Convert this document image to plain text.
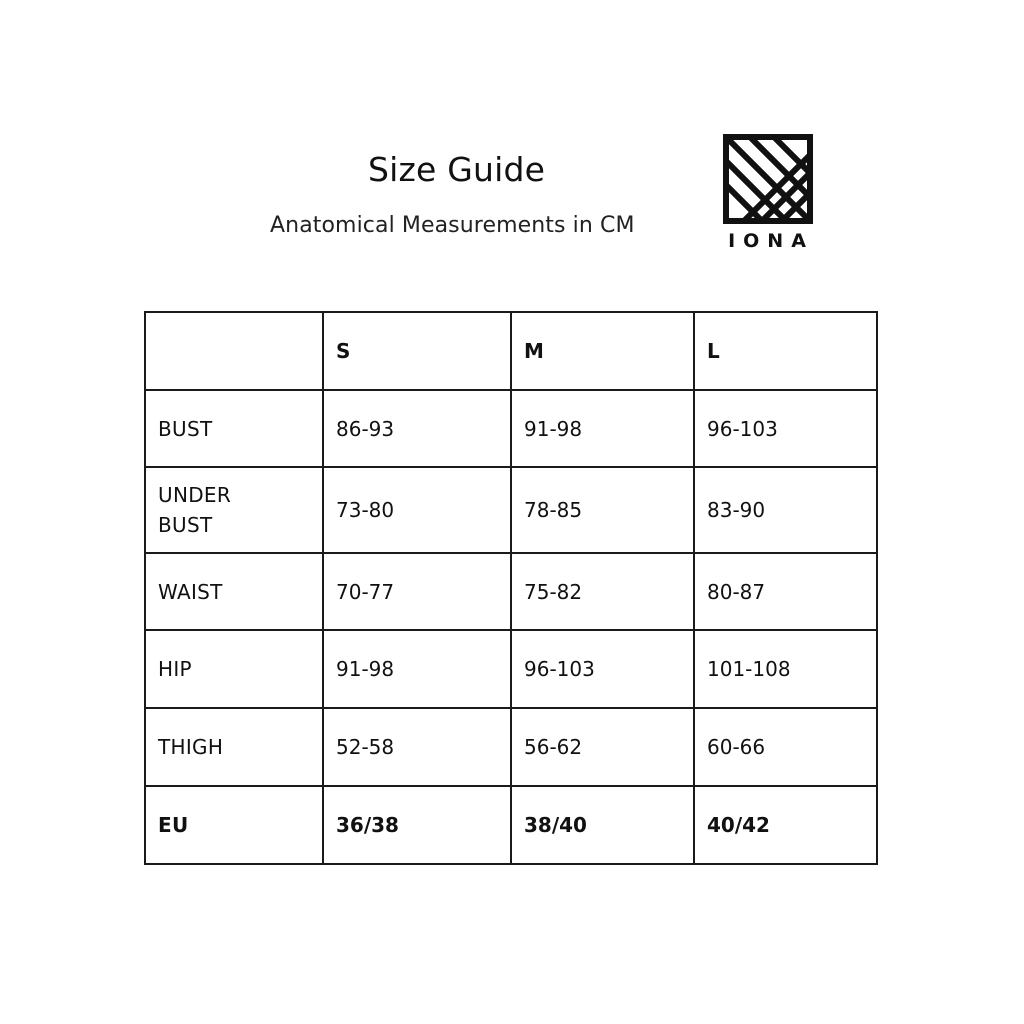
Size Guide
Anatomical Measurements in CM
IONA
	S	M	L
BUST	86-93	91-98	96-103

UNDER
BUST	73-80	78-85	83-90
WAIST	70-77	75-82	80-87
HIP	91-98	96-103	101-108
THIGH	52-58	56-62	60-66
EU	36/38	38/40	40/42
